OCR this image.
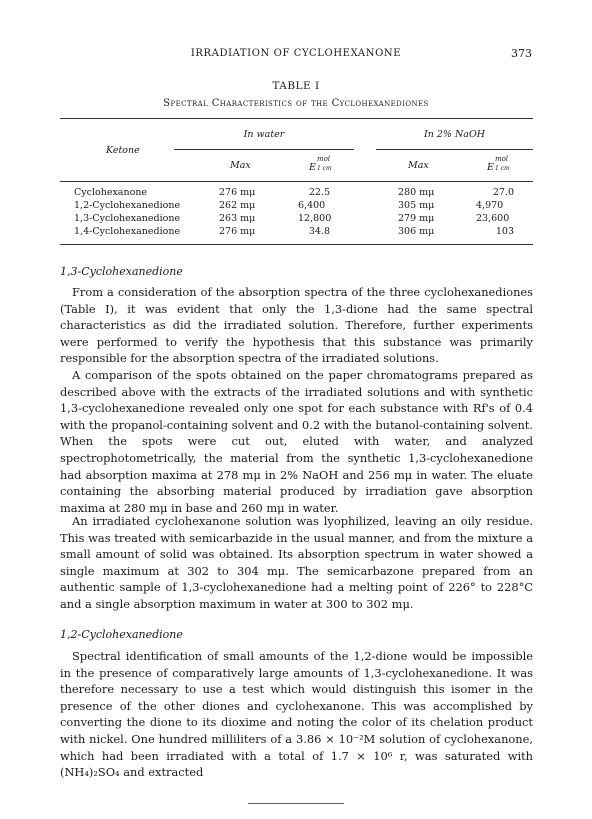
IRRADIATION OF CYCLOHEXANONE	373
TABLE I
Spectral Characteristics of the Cyclohexanediones
Ketone
In water	In 2% NaOH
Max	E
mol
1 cm	Max	E
mol
1 cm
Cyclohexanone	276 mμ	22.5	280 mμ	27.0
1,2-Cyclohexanedione	262 mμ	6,400	305 mμ	4,970
1,3-Cyclohexanedione	263 mμ	12,800	279 mμ	23,600
1,4-Cyclohexanedione	276 mμ	34.8	306 mμ	103
1,3-Cyclohexanedione

From a consideration of the absorption spectra of the three cyclohexanediones (Table I), it was evident that only the 1,3-dione had the same spectral characteristics as did the irradiated solution. Therefore, further experiments were performed to verify the hypothesis that this substance was primarily responsible for the absorption spectra of the irradiated solutions.

A comparison of the spots obtained on the paper chromatograms prepared as described above with the extracts of the irradiated solutions and with synthetic 1,3-cyclohexanedione revealed only one spot for each substance with Rf's of 0.4 with the propanol-containing solvent and 0.2 with the butanol-containing solvent. When the spots were cut out, eluted with water, and analyzed spectrophotometrically, the material from the synthetic 1,3-cyclohexanedione had absorption maxima at 278 mμ in 2% NaOH and 256 mμ in water. The eluate containing the absorbing material produced by irradiation gave absorption maxima at 280 mμ in base and 260 mμ in water.

An irradiated cyclohexanone solution was lyophilized, leaving an oily residue. This was treated with semicarbazide in the usual manner, and from the mixture a small amount of solid was obtained. Its absorption spectrum in water showed a single maximum at 302 to 304 mμ. The semicarbazone prepared from an authentic sample of 1,3-cyclohexanedione had a melting point of 226° to 228°C and a single absorption maximum in water at 300 to 302 mμ.

1,2-Cyclohexanedione

Spectral identification of small amounts of the 1,2-dione would be impossible in the presence of comparatively large amounts of 1,3-cyclohexanedione. It was therefore necessary to use a test which would distinguish this isomer in the presence of the other diones and cyclohexanone. This was accomplished by converting the dione to its dioxime and noting the color of its chelation product with nickel. One hundred milliliters of a 3.86 × 10⁻²M solution of cyclohexanone, which had been irradiated with a total of 1.7 × 10⁶ r, was saturated with (NH₄)₂SO₄ and extracted
